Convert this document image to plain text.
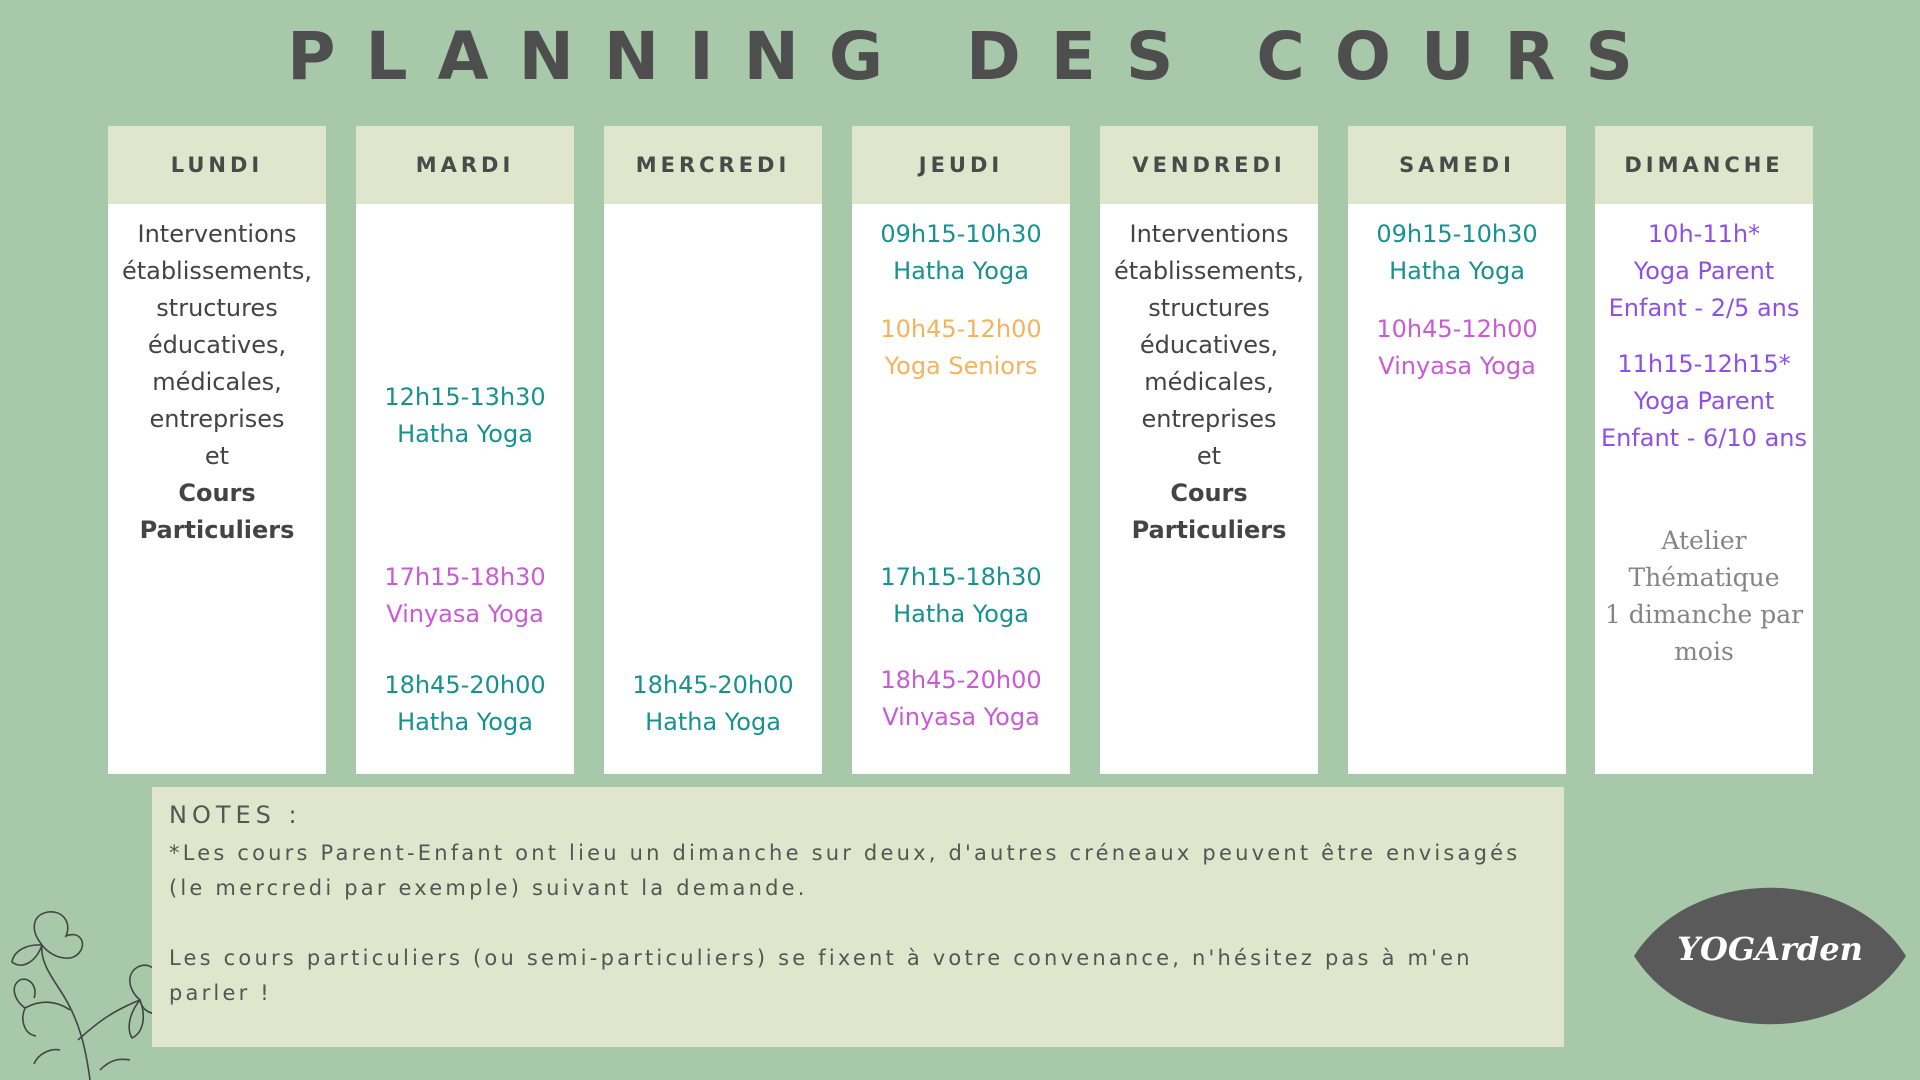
PLANNING DES COURS
LUNDI
Interventions
établissements,
structures
éducatives,
médicales,
entreprises
et
Cours
Particuliers
MARDI
12h15-13h30
Hatha Yoga
17h15-18h30
Vinyasa Yoga
18h45-20h00
Hatha Yoga
MERCREDI
18h45-20h00
Hatha Yoga
JEUDI
09h15-10h30
Hatha Yoga
10h45-12h00
Yoga Seniors
17h15-18h30
Hatha Yoga
18h45-20h00
Vinyasa Yoga
VENDREDI
Interventions
établissements,
structures
éducatives,
médicales,
entreprises
et
Cours
Particuliers
SAMEDI
09h15-10h30
Hatha Yoga
10h45-12h00
Vinyasa Yoga
DIMANCHE
10h-11h*
Yoga Parent
Enfant - 2/5 ans
11h15-12h15*
Yoga Parent
Enfant - 6/10 ans
Atelier
Thématique
1 dimanche par
mois
NOTES :

*Les cours Parent-Enfant ont lieu un dimanche sur deux, d'autres créneaux peuvent être envisagés (le mercredi par exemple) suivant la demande.

Les cours particuliers (ou semi-particuliers) se fixent à votre convenance, n'hésitez pas à m'en parler !

YOGArden
